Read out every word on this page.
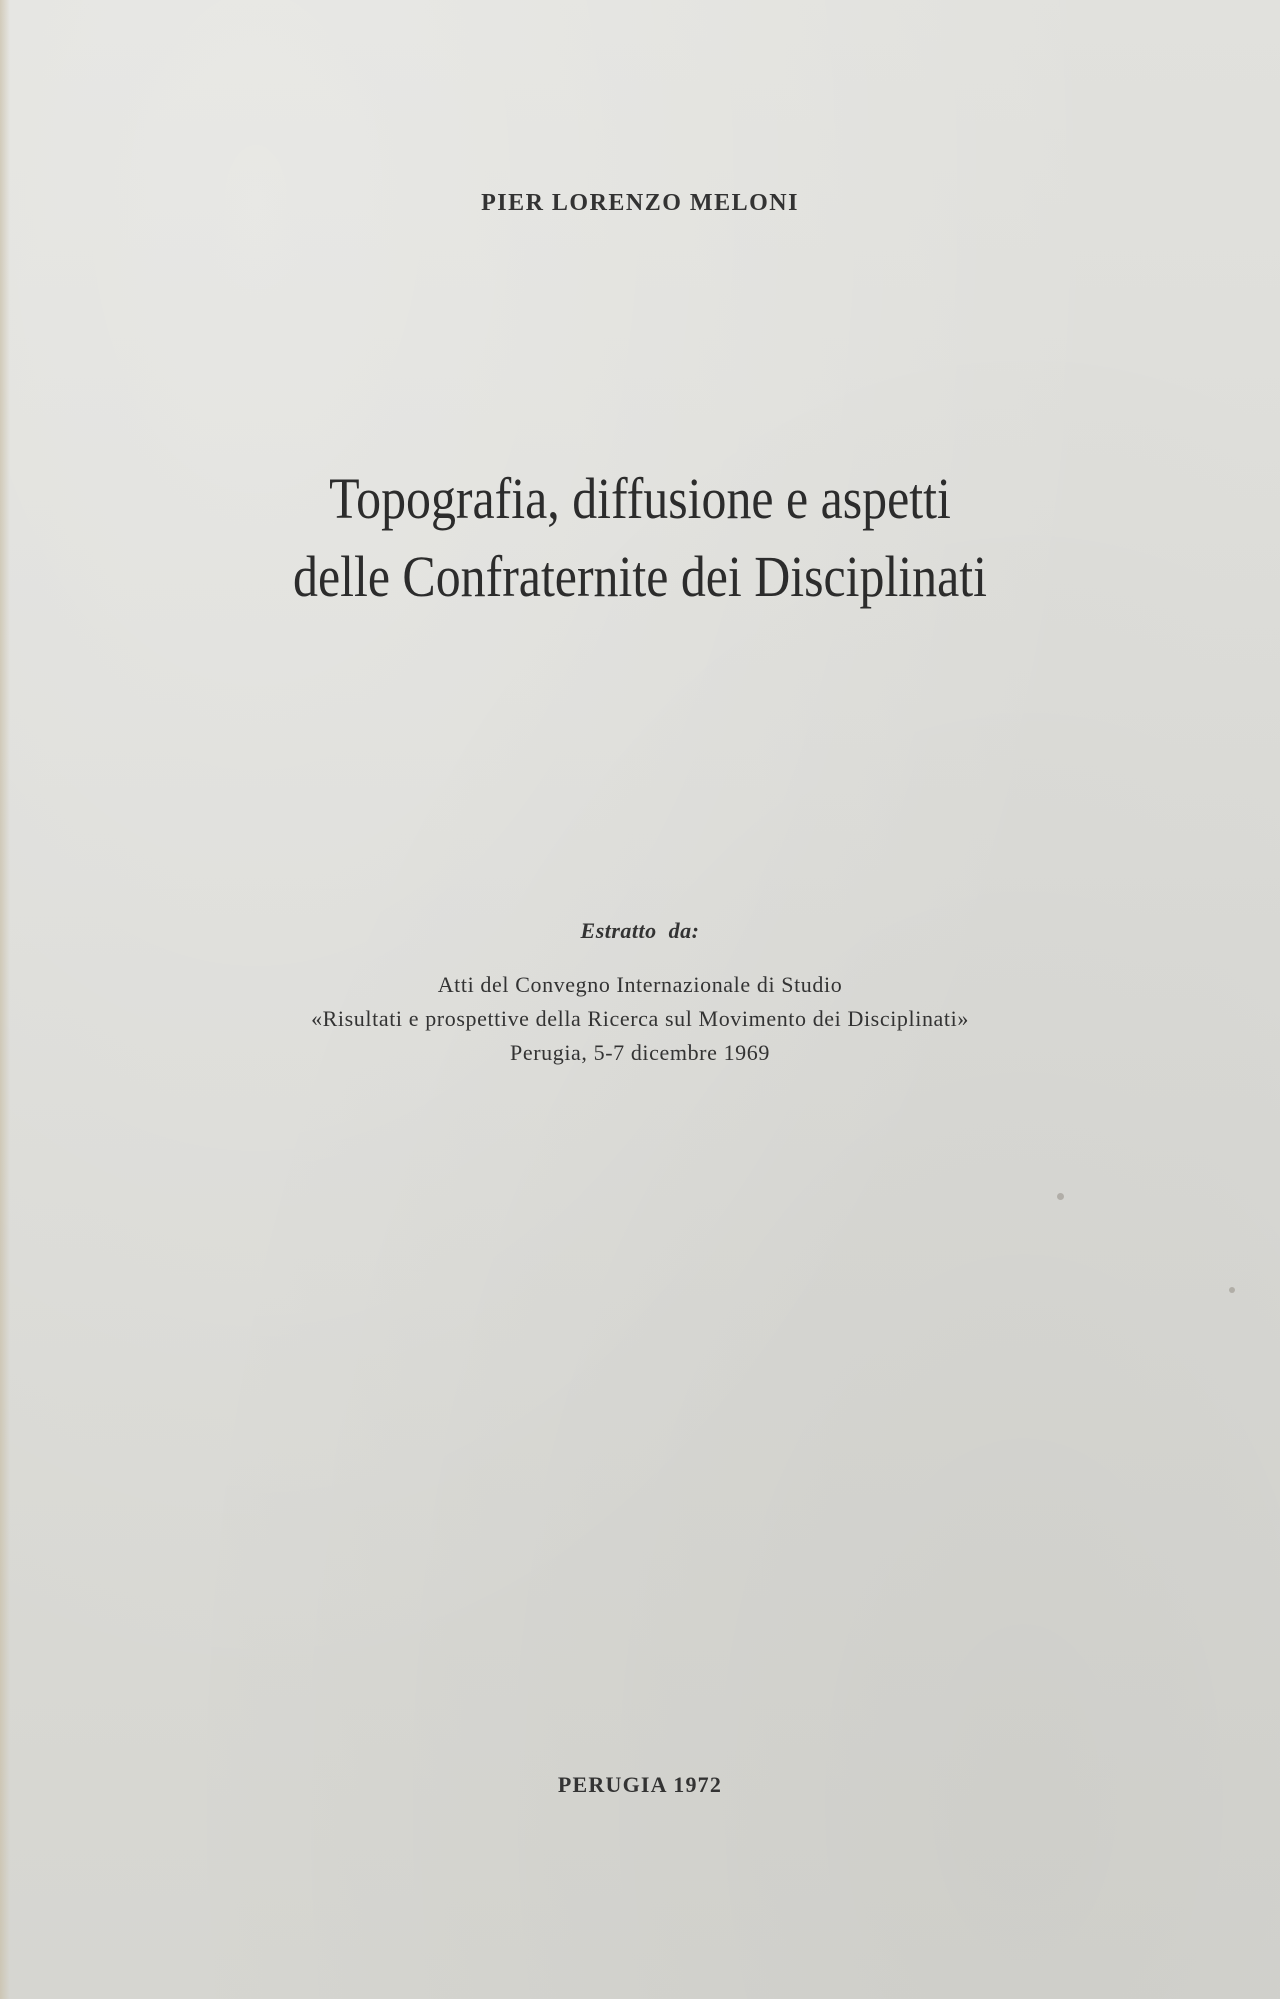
PIER LORENZO MELONI
Topografia, diffusione e aspetti
delle Confraternite dei Disciplinati
Estratto  da:
Atti del Convegno Internazionale di Studio
«Risultati e prospettive della Ricerca sul Movimento dei Disciplinati»
Perugia, 5-7 dicembre 1969
PERUGIA 1972
